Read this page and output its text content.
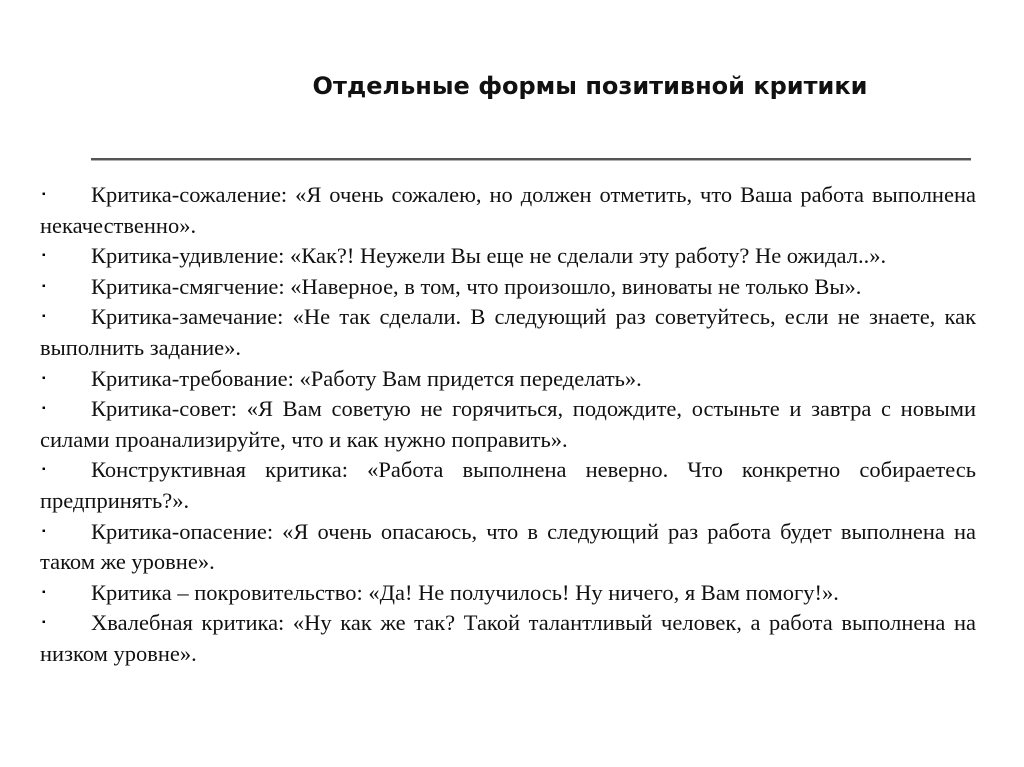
Отдельные формы позитивной критики
▪ Критика-сожаление: «Я очень сожалею, но должен отметить, что Ваша работа выполнена некачественно».
▪ Критика-удивление: «Как?! Неужели Вы еще не сделали эту работу? Не ожидал..».
▪ Критика-смягчение: «Наверное, в том, что произошло, виноваты не только Вы».
▪ Критика-замечание: «Не так сделали. В следующий раз советуйтесь, если не знаете, как выполнить задание».
▪ Критика-требование: «Работу Вам придется переделать».
▪ Критика-совет: «Я Вам советую не горячиться, подождите, остыньте и завтра с новыми силами проанализируйте, что и как нужно поправить».
▪ Конструктивная критика: «Работа выполнена неверно. Что конкретно собираетесь предпринять?».
▪ Критика-опасение: «Я очень опасаюсь, что в следующий раз работа будет выполнена на таком же уровне».
▪ Критика – покровительство: «Да! Не получилось! Ну ничего, я Вам помогу!».
▪ Хвалебная критика: «Ну как же так? Такой талантливый человек, а работа выполнена на низком уровне».
